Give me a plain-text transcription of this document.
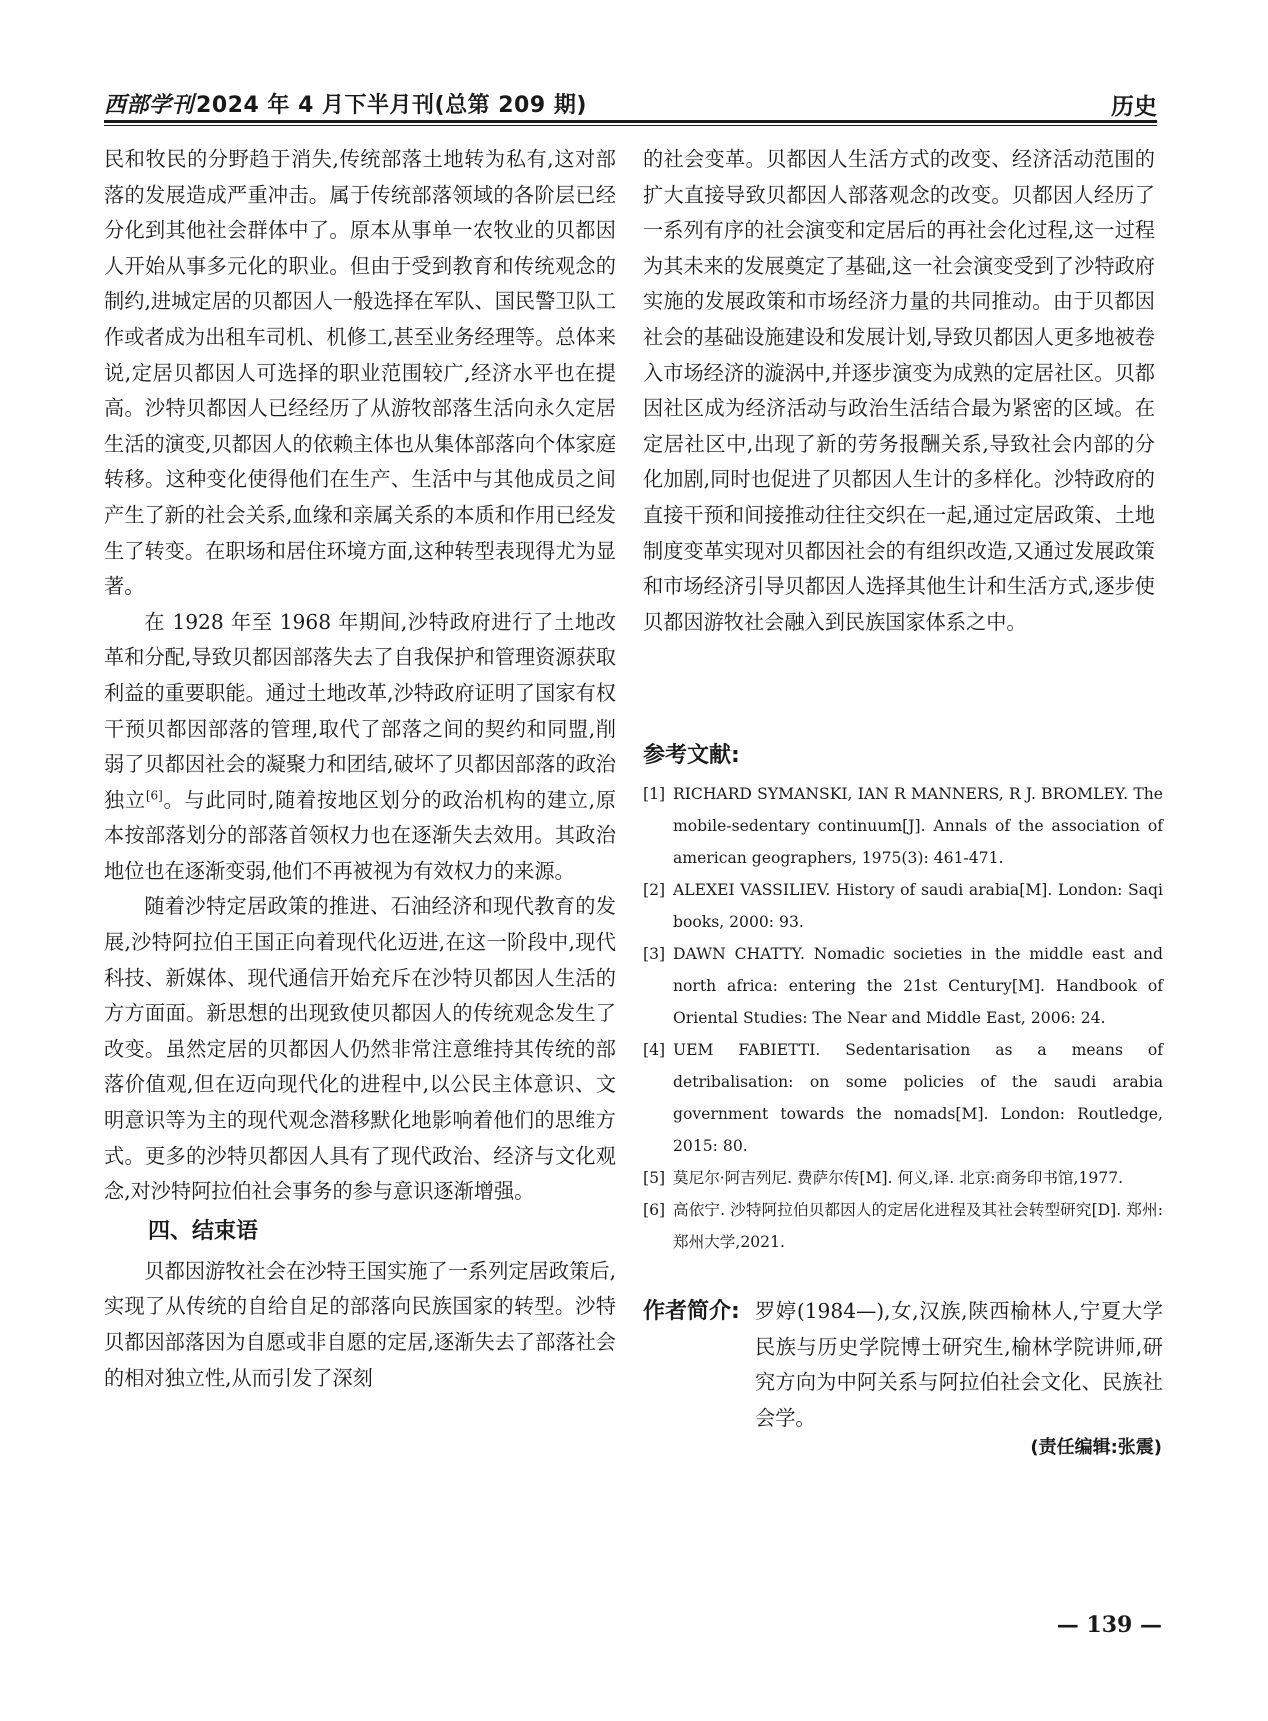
西部学刊2024 年 4 月下半月刊(总第 209 期)	历史

民和牧民的分野趋于消失,传统部落土地转为私有,这对部落的发展造成严重冲击。属于传统部落领域的各阶层已经分化到其他社会群体中了。原本从事单一农牧业的贝都因人开始从事多元化的职业。但由于受到教育和传统观念的制约,进城定居的贝都因人一般选择在军队、国民警卫队工作或者成为出租车司机、机修工,甚至业务经理等。总体来说,定居贝都因人可选择的职业范围较广,经济水平也在提高。沙特贝都因人已经经历了从游牧部落生活向永久定居生活的演变,贝都因人的依赖主体也从集体部落向个体家庭转移。这种变化使得他们在生产、生活中与其他成员之间产生了新的社会关系,血缘和亲属关系的本质和作用已经发生了转变。在职场和居住环境方面,这种转型表现得尤为显著。

在 1928 年至 1968 年期间,沙特政府进行了土地改革和分配,导致贝都因部落失去了自我保护和管理资源获取利益的重要职能。通过土地改革,沙特政府证明了国家有权干预贝都因部落的管理,取代了部落之间的契约和同盟,削弱了贝都因社会的凝聚力和团结,破坏了贝都因部落的政治独立[6]。与此同时,随着按地区划分的政治机构的建立,原本按部落划分的部落首领权力也在逐渐失去效用。其政治地位也在逐渐变弱,他们不再被视为有效权力的来源。

随着沙特定居政策的推进、石油经济和现代教育的发展,沙特阿拉伯王国正向着现代化迈进,在这一阶段中,现代科技、新媒体、现代通信开始充斥在沙特贝都因人生活的方方面面。新思想的出现致使贝都因人的传统观念发生了改变。虽然定居的贝都因人仍然非常注意维持其传统的部落价值观,但在迈向现代化的进程中,以公民主体意识、文明意识等为主的现代观念潜移默化地影响着他们的思维方式。更多的沙特贝都因人具有了现代政治、经济与文化观念,对沙特阿拉伯社会事务的参与意识逐渐增强。

四、结束语

贝都因游牧社会在沙特王国实施了一系列定居政策后,实现了从传统的自给自足的部落向民族国家的转型。沙特贝都因部落因为自愿或非自愿的定居,逐渐失去了部落社会的相对独立性,从而引发了深刻

的社会变革。贝都因人生活方式的改变、经济活动范围的扩大直接导致贝都因人部落观念的改变。贝都因人经历了一系列有序的社会演变和定居后的再社会化过程,这一过程为其未来的发展奠定了基础,这一社会演变受到了沙特政府实施的发展政策和市场经济力量的共同推动。由于贝都因社会的基础设施建设和发展计划,导致贝都因人更多地被卷入市场经济的漩涡中,并逐步演变为成熟的定居社区。贝都因社区成为经济活动与政治生活结合最为紧密的区域。在定居社区中,出现了新的劳务报酬关系,导致社会内部的分化加剧,同时也促进了贝都因人生计的多样化。沙特政府的直接干预和间接推动往往交织在一起,通过定居政策、土地制度变革实现对贝都因社会的有组织改造,又通过发展政策和市场经济引导贝都因人选择其他生计和生活方式,逐步使贝都因游牧社会融入到民族国家体系之中。

参考文献:
[1] RICHARD SYMANSKI, IAN R MANNERS, R J. BROMLEY. The mobile-sedentary continuum[J]. Annals of the association of american geographers, 1975(3): 461-471.
[2] ALEXEI VASSILIEV. History of saudi arabia[M]. London: Saqi books, 2000: 93.
[3] DAWN CHATTY. Nomadic societies in the middle east and north africa: entering the 21st Century[M]. Handbook of Oriental Studies: The Near and Middle East, 2006: 24.
[4] UEM FABIETTI. Sedentarisation as a means of detribalisation: on some policies of the saudi arabia government towards the nomads[M]. London: Routledge, 2015: 80.
[5] 莫尼尔·阿吉列尼. 费萨尔传[M]. 何义,译. 北京:商务印书馆,1977.
[6] 高依宁. 沙特阿拉伯贝都因人的定居化进程及其社会转型研究[D]. 郑州:郑州大学,2021.
作者简介: 罗婷(1984—),女,汉族,陕西榆林人,宁夏大学民族与历史学院博士研究生,榆林学院讲师,研究方向为中阿关系与阿拉伯社会文化、民族社会学。
(责任编辑:张震)
— 139 —
